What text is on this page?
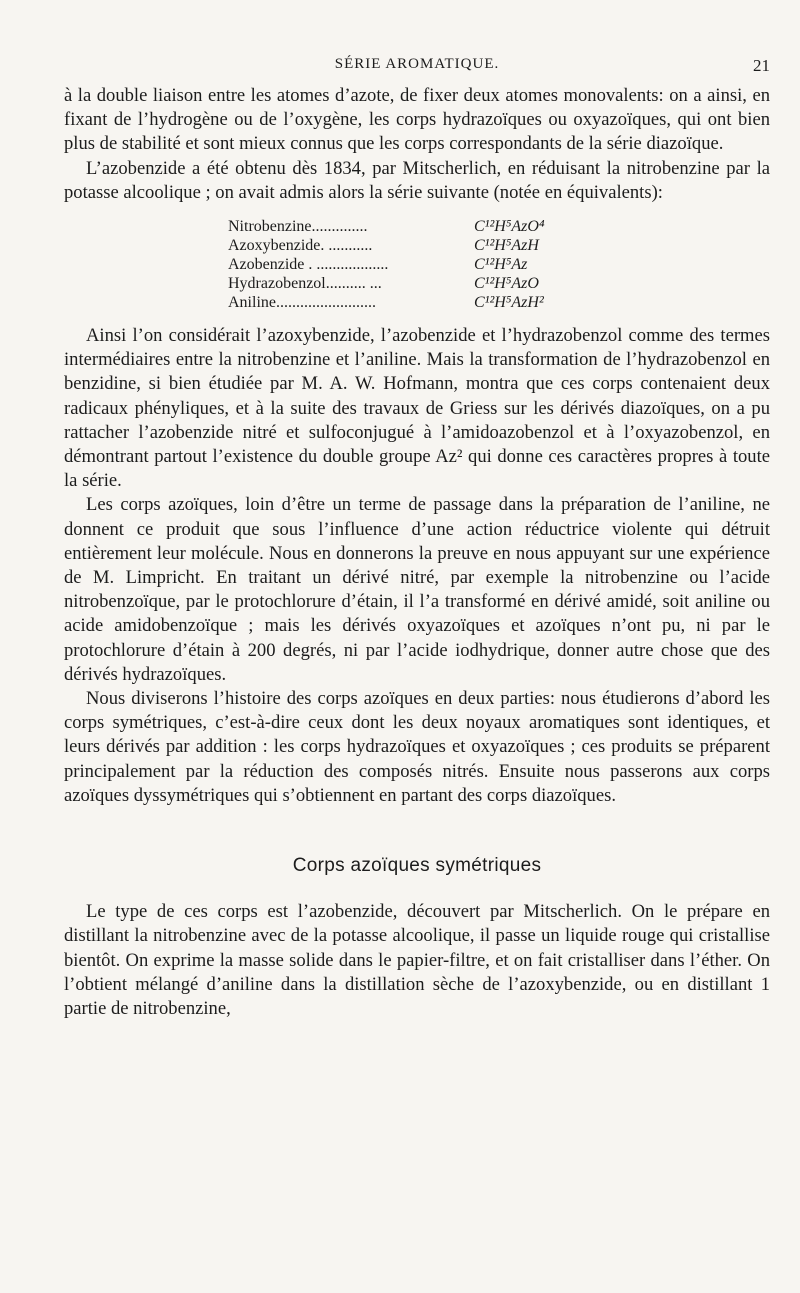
SÉRIE AROMATIQUE.	21

à la double liaison entre les atomes d’azote, de fixer deux atomes monovalents: on a ainsi, en fixant de l’hydrogène ou de l’oxygène, les corps hydrazoïques ou oxyazoïques, qui ont bien plus de stabilité et sont mieux connus que les corps correspondants de la série diazoïque.

L’azobenzide a été obtenu dès 1834, par Mitscherlich, en réduisant la nitrobenzine par la potasse alcoolique ; on avait admis alors la série suivante (notée en équivalents):

Nitrobenzine..............	C¹²H⁵AzO⁴
Azoxybenzide. ...........	C¹²H⁵AzH
Azobenzide . ..................	C¹²H⁵Az
Hydrazobenzol.......... ...	C¹²H⁵AzO
Aniline.........................	C¹²H⁵AzH²

Ainsi l’on considérait l’azoxybenzide, l’azobenzide et l’hydrazobenzol comme des termes intermédiaires entre la nitrobenzine et l’aniline. Mais la transformation de l’hydrazobenzol en benzidine, si bien étudiée par M. A. W. Hofmann, montra que ces corps contenaient deux radicaux phényliques, et à la suite des travaux de Griess sur les dérivés diazoïques, on a pu rattacher l’azobenzide nitré et sulfoconjugué à l’amidoazobenzol et à l’oxyazobenzol, en démontrant partout l’existence du double groupe Az² qui donne ces caractères propres à toute la série.

Les corps azoïques, loin d’être un terme de passage dans la préparation de l’aniline, ne donnent ce produit que sous l’influence d’une action réductrice violente qui détruit entièrement leur molécule. Nous en donnerons la preuve en nous appuyant sur une expérience de M. Limpricht. En traitant un dérivé nitré, par exemple la nitrobenzine ou l’acide nitrobenzoïque, par le protochlorure d’étain, il l’a transformé en dérivé amidé, soit aniline ou acide amidobenzoïque ; mais les dérivés oxyazoïques et azoïques n’ont pu, ni par le protochlorure d’étain à 200 degrés, ni par l’acide iodhydrique, donner autre chose que des dérivés hydrazoïques.

Nous diviserons l’histoire des corps azoïques en deux parties: nous étudierons d’abord les corps symétriques, c’est-à-dire ceux dont les deux noyaux aromatiques sont identiques, et leurs dérivés par addition : les corps hydrazoïques et oxyazoïques ; ces produits se préparent principalement par la réduction des composés nitrés. Ensuite nous passerons aux corps azoïques dyssymétriques qui s’obtiennent en partant des corps diazoïques.

Corps azoïques symétriques

Le type de ces corps est l’azobenzide, découvert par Mitscherlich. On le prépare en distillant la nitrobenzine avec de la potasse alcoolique, il passe un liquide rouge qui cristallise bientôt. On exprime la masse solide dans le papier-filtre, et on fait cristalliser dans l’éther. On l’obtient mélangé d’aniline dans la distillation sèche de l’azoxybenzide, ou en distillant 1 partie de nitrobenzine,
